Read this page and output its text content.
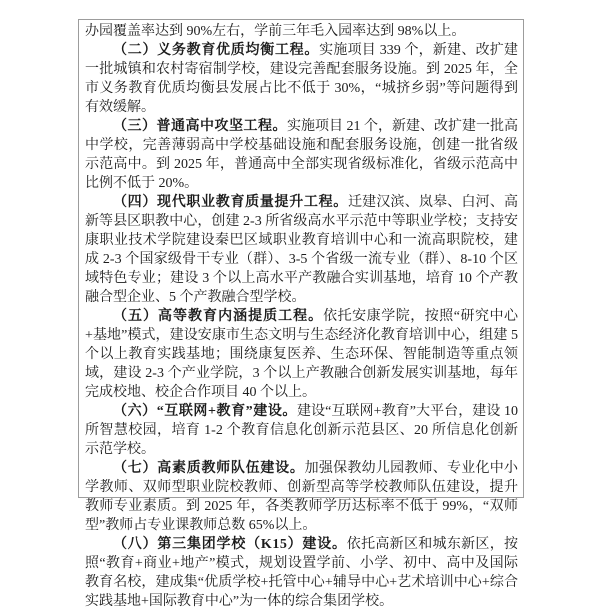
办园覆盖率达到 90%左右，学前三年毛入园率达到 98%以上。

（二）义务教育优质均衡工程。实施项目 339 个，新建、改扩建一批城镇和农村寄宿制学校，建设完善配套服务设施。到 2025 年，全市义务教育优质均衡县发展占比不低于 30%，“城挤乡弱”等问题得到有效缓解。

（三）普通高中攻坚工程。实施项目 21 个，新建、改扩建一批高中学校，完善薄弱高中学校基础设施和配套服务设施，创建一批省级示范高中。到 2025 年，普通高中全部实现省级标准化，省级示范高中比例不低于 20%。

（四）现代职业教育质量提升工程。迁建汉滨、岚皋、白河、高新等县区职教中心，创建 2-3 所省级高水平示范中等职业学校；支持安康职业技术学院建设秦巴区域职业教育培训中心和一流高职院校，建成 2-3 个国家级骨干专业（群）、3-5 个省级一流专业（群）、8-10 个区域特色专业；建设 3 个以上高水平产教融合实训基地，培育 10 个产教融合型企业、5 个产教融合型学校。

（五）高等教育内涵提质工程。依托安康学院，按照“研究中心+基地”模式，建设安康市生态文明与生态经济化教育培训中心，组建 5 个以上教育实践基地；围绕康复医养、生态环保、智能制造等重点领域，建设 2-3 个产业学院，3 个以上产教融合创新发展实训基地，每年完成校地、校企合作项目 40 个以上。

（六）“互联网+教育”建设。建设“互联网+教育”大平台，建设 10 所智慧校园，培育 1-2 个教育信息化创新示范县区、20 所信息化创新示范学校。

（七）高素质教师队伍建设。加强保教幼儿园教师、专业化中小学教师、双师型职业院校教师、创新型高等学校教师队伍建设，提升教师专业素质。到 2025 年，各类教师学历达标率不低于 99%，“双师型”教师占专业课教师总数 65%以上。

（八）第三集团学校（K15）建设。依托高新区和城东新区，按照“教育+商业+地产”模式，规划设置学前、小学、初中、高中及国际教育名校，建成集“优质学校+托管中心+辅导中心+艺术培训中心+综合实践基地+国际教育中心”为一体的综合集团学校。
